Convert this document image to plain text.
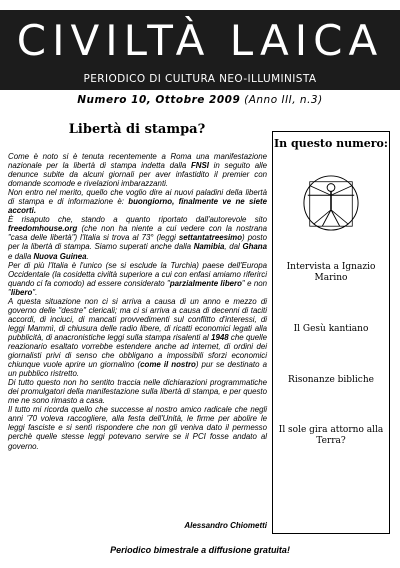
CIVILTÀ LAICA
PERIODICO DI CULTURA NEO-ILLUMINISTA
Numero 10, Ottobre 2009 (Anno III, n.3)
Libertà di stampa?

Come è noto si è tenuta recentemente a Roma una manifestazione nazionale per la libertà di stampa indetta dalla FNSI in seguito alle denunce subite da alcuni giornali per aver infastidito il premier con domande scomode e rivelazioni imbarazzanti.

Non entro nel merito, quello che voglio dire ai nuovi paladini della libertà di stampa e di informazione è: buongiorno, finalmente ve ne siete accorti.

È risaputo che, stando a quanto riportato dall'autorevole sito freedomhouse.org (che non ha niente a cui vedere con la nostrana "casa delle libertà") l'Italia si trova al 73° (leggi settantatreesimo) posto per la libertà di stampa. Siamo superati anche dalla Namibia, dal Ghana e dalla Nuova Guinea.

Per di più l'Italia è l'unico (se si esclude la Turchia) paese dell'Europa Occidentale (la cosidetta civiltà superiore a cui con enfasi amiamo riferirci quando ci fa comodo) ad essere considerato "parzialmente libero" e non "libero".

A questa situazione non ci si arriva a causa di un anno e mezzo di governo delle "destre" clericali; ma ci si arriva a causa di decenni di taciti accordi, di inciuci, di mancati provvedimenti sul conflitto d'interessi, di leggi Mammì, di chiusura delle radio libere, di ricatti economici legati alla pubblicità, di anacronistiche leggi sulla stampa risalenti al 1948 che quelle reazionario esaltato vorrebbe estendere anche ad internet, di ordini dei giornalisti privi di senso che obbligano a impossibili sforzi economici chiunque vuole aprire un giornalino (come il nostro) pur se destinato a un pubblico ristretto.

Di tutto questo non ho sentito traccia nelle dichiarazioni programmatiche dei promulgatori della manifestazione sulla libertà di stampa, e per questo me ne sono rimasto a casa.

Il tutto mi ricorda quello che successe al nostro amico radicale che negli anni '70 voleva raccogliere, alla festa dell'Unità, le firme per abolire le leggi fasciste e si sentì rispondere che non gli veniva dato il permesso perchè quelle stesse leggi potevano servire se il PCI fosse andato al governo.

Alessandro Chiometti
In questo numero:
Intervista a Ignazio Marino
Il Gesù kantiano
Risonanze bibliche
Il sole gira attorno alla Terra?
Periodico bimestrale a diffusione gratuita!
